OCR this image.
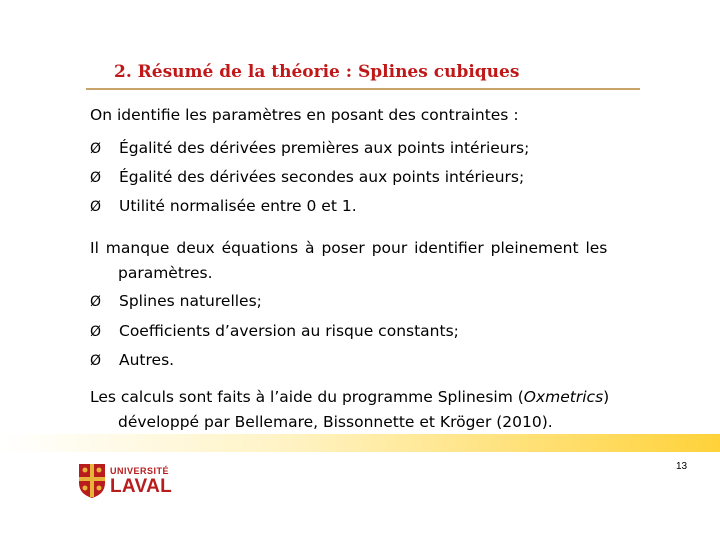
2. Résumé de la théorie : Splines cubiques
On identifie les paramètres en posant des contraintes :
Ø Égalité des dérivées premières aux points intérieurs;
Ø Égalité des dérivées secondes aux points intérieurs;
Ø Utilité normalisée entre 0 et 1.
Il manque deux équations à poser pour identifier pleinement les
paramètres.
Ø Splines naturelles;
Ø Coefficients d’aversion au risque constants;
Ø Autres.
Les calculs sont faits à l’aide du programme Splinesim (Oxmetrics)
développé par Bellemare, Bissonnette et Kröger (2010).
UNIVERSITÉ
LAVAL
13
